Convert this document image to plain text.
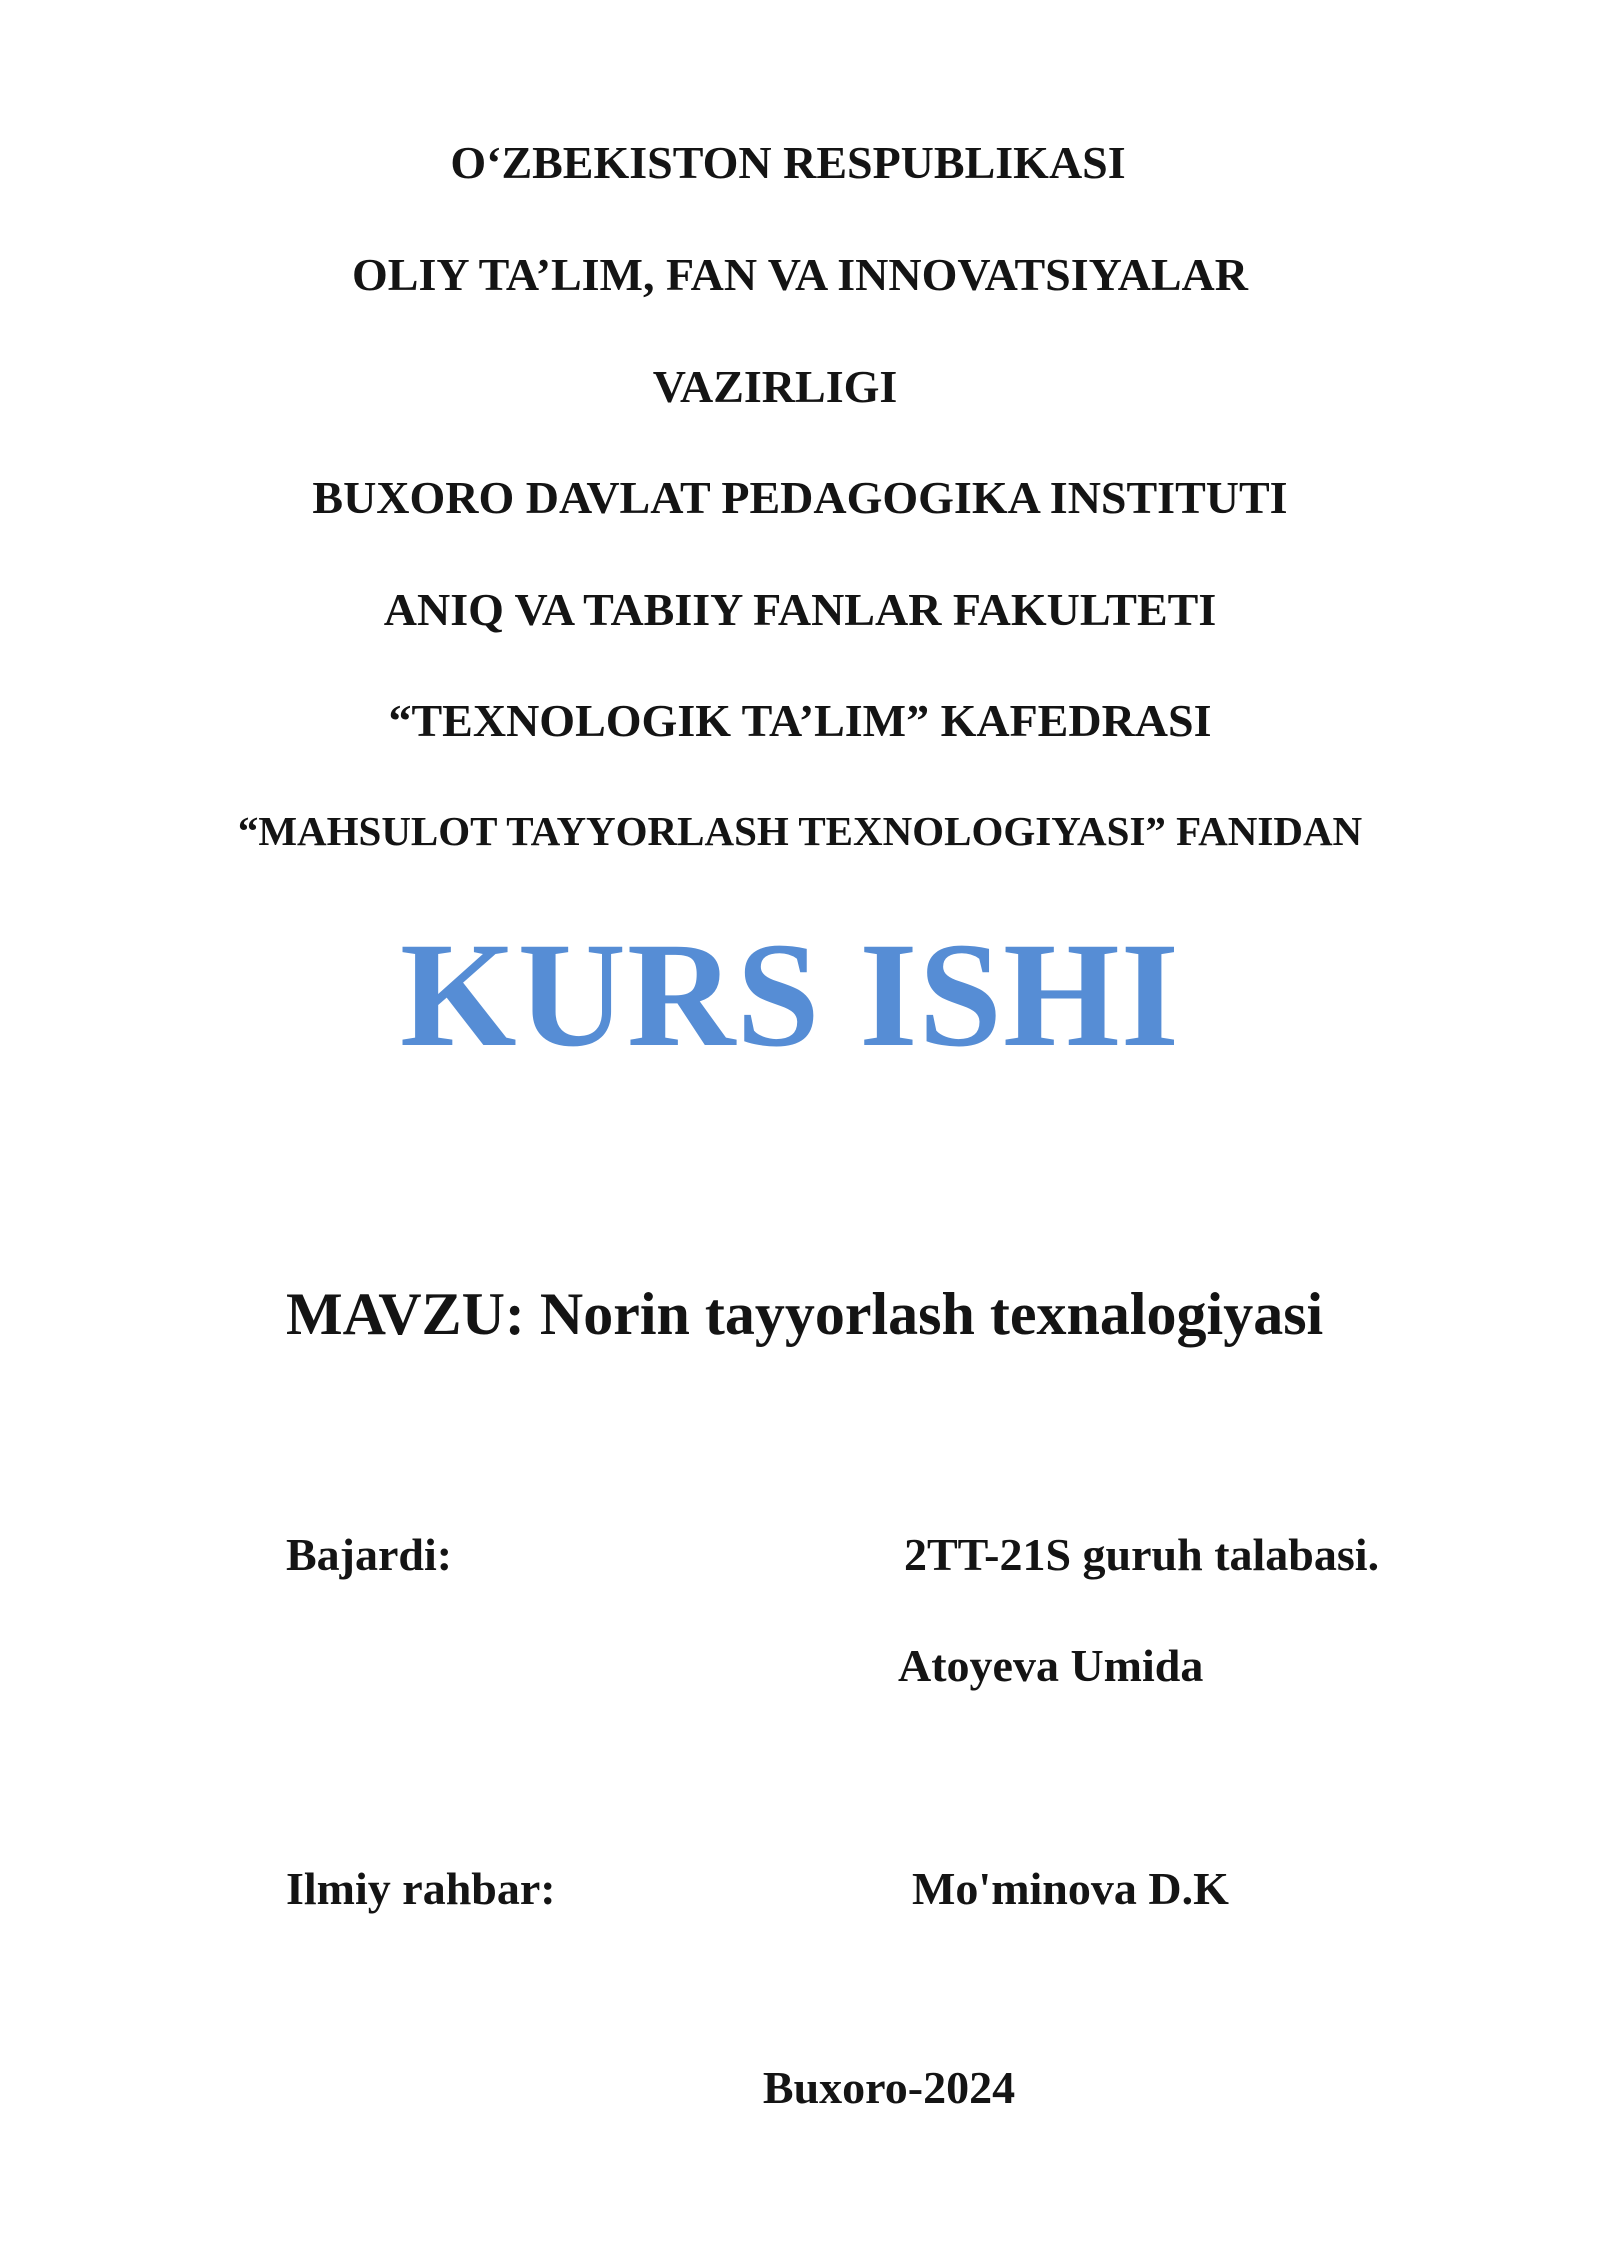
O‘ZBEKISTON RESPUBLIKASI
OLIY TA’LIM, FAN VA INNOVATSIYALAR
VAZIRLIGI
BUXORO DAVLAT PEDAGOGIKA INSTITUTI
ANIQ VA TABIIY FANLAR FAKULTETI
“TEXNOLOGIK TA’LIM” KAFEDRASI
“MAHSULOT TAYYORLASH TEXNOLOGIYASI” FANIDAN
KURS ISHI
MAVZU: Norin tayyorlash texnalogiyasi
Bajardi:	2TT-21S guruh talabasi.
Atoyeva Umida
Ilmiy rahbar:	Mo'minova D.K
Buxoro-2024
